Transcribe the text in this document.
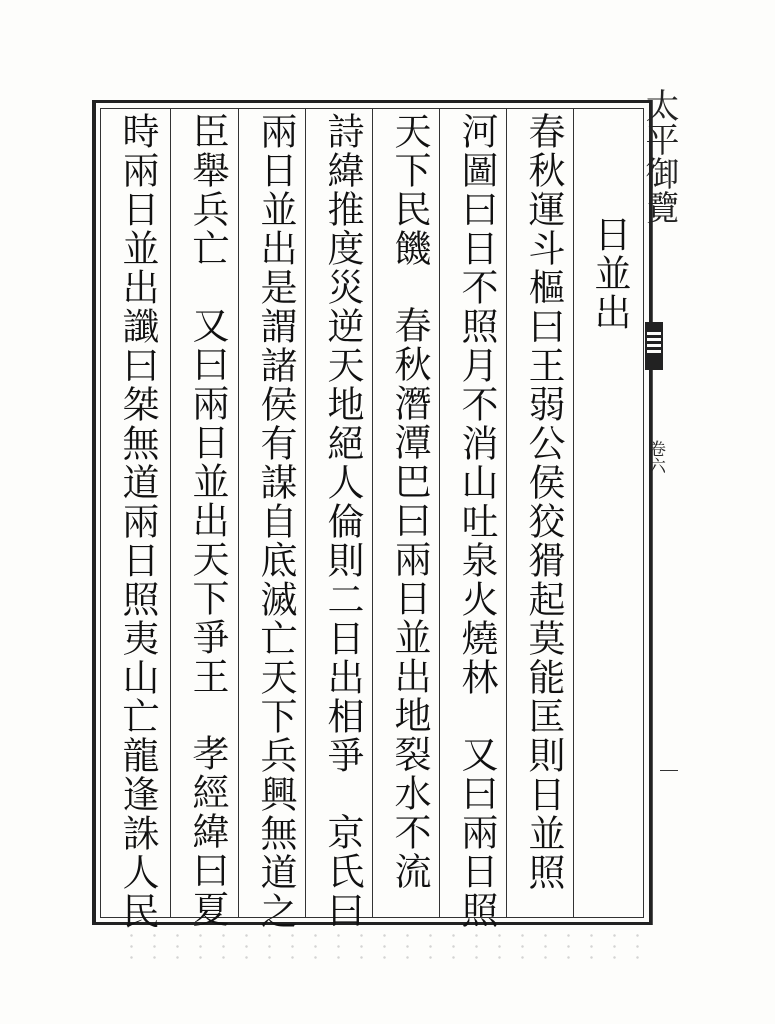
日並出
春秋運斗樞曰王弱公侯狡猾起莫能匡則日並照
河圖曰日不照月不消山吐泉火燒林又曰兩日照
天下民饑春秋潛潭巴曰兩日並出地裂水不流
詩緯推度災逆天地絕人倫則二日出相爭京氏曰
兩日並出是謂諸侯有謀自底滅亡天下兵興無道之
臣舉兵亡又曰兩日並出天下爭王孝經緯曰夏
時兩日並出讖曰桀無道兩日照夷山亡龍逢誅人民	太平御覽
卷六
